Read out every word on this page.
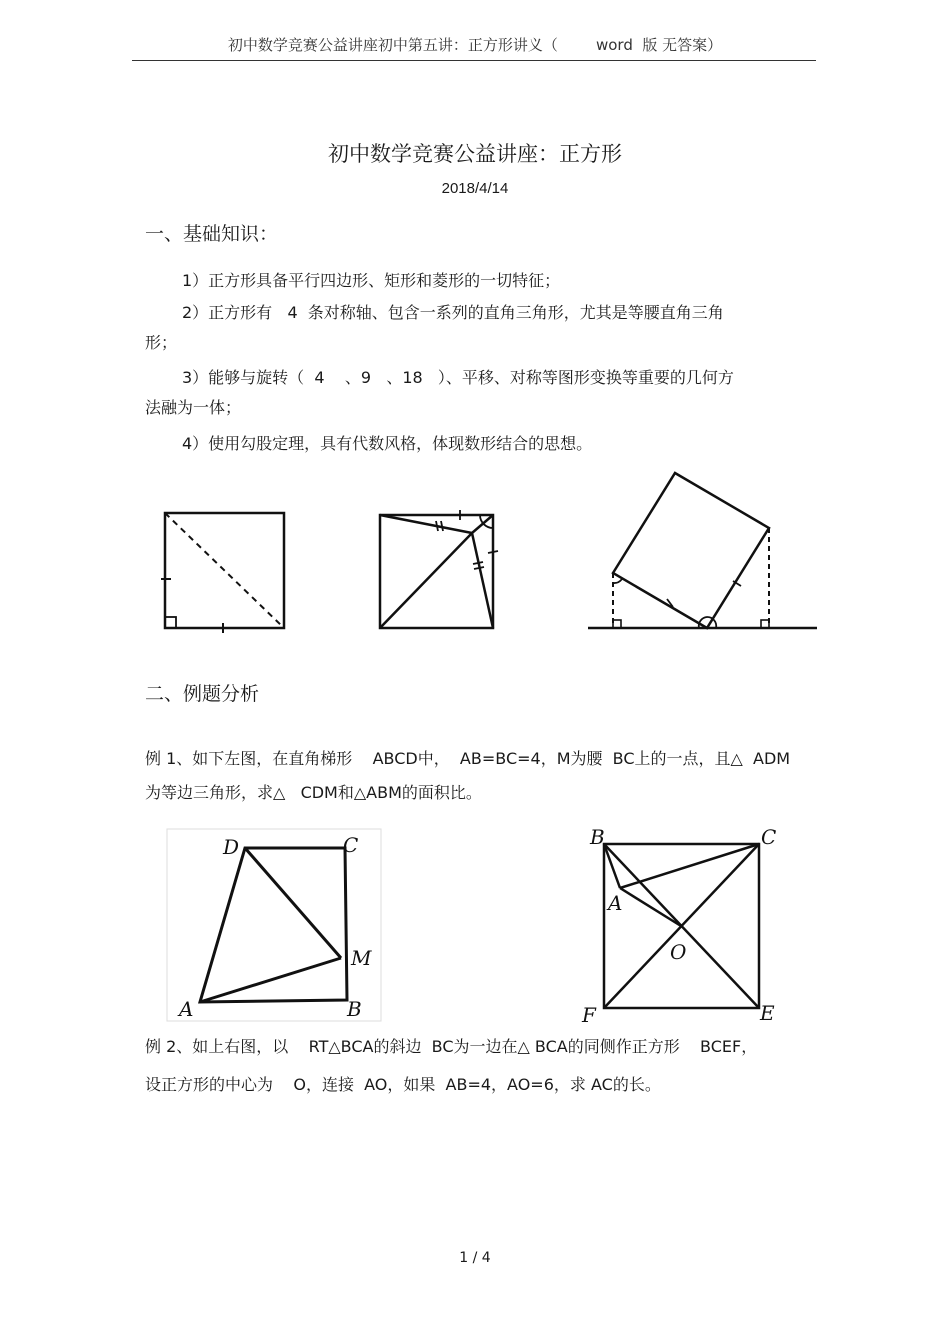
初中数学竞赛公益讲座初中第五讲：正方形讲义（        word  版 无答案）
初中数学竞赛公益讲座：正方形
2018/4/14
一、基础知识：
1）正方形具备平行四边形、矩形和菱形的一切特征；
2）正方形有   4  条对称轴、包含一系列的直角三角形，尤其是等腰直角三角
形；
3）能够与旋转（  4    、9   、18   ）、平移、对称等图形变换等重要的几何方
法融为一体；
4）使用勾股定理，具有代数风格，体现数形结合的思想。
二、例题分析
例 1、如下左图，在直角梯形    ABCD中，  AB=BC=4，M为腰  BC上的一点，且△  ADM
为等边三角形，求△   CDM和△ABM的面积比。
D	C
M
A	B
B	C
A
O
F	E
例 2、如上右图，以    RT△BCA的斜边  BC为一边在△ BCA的同侧作正方形    BCEF，
设正方形的中心为    O，连接  AO，如果  AB=4，AO=6，求 AC的长。
1 / 4
